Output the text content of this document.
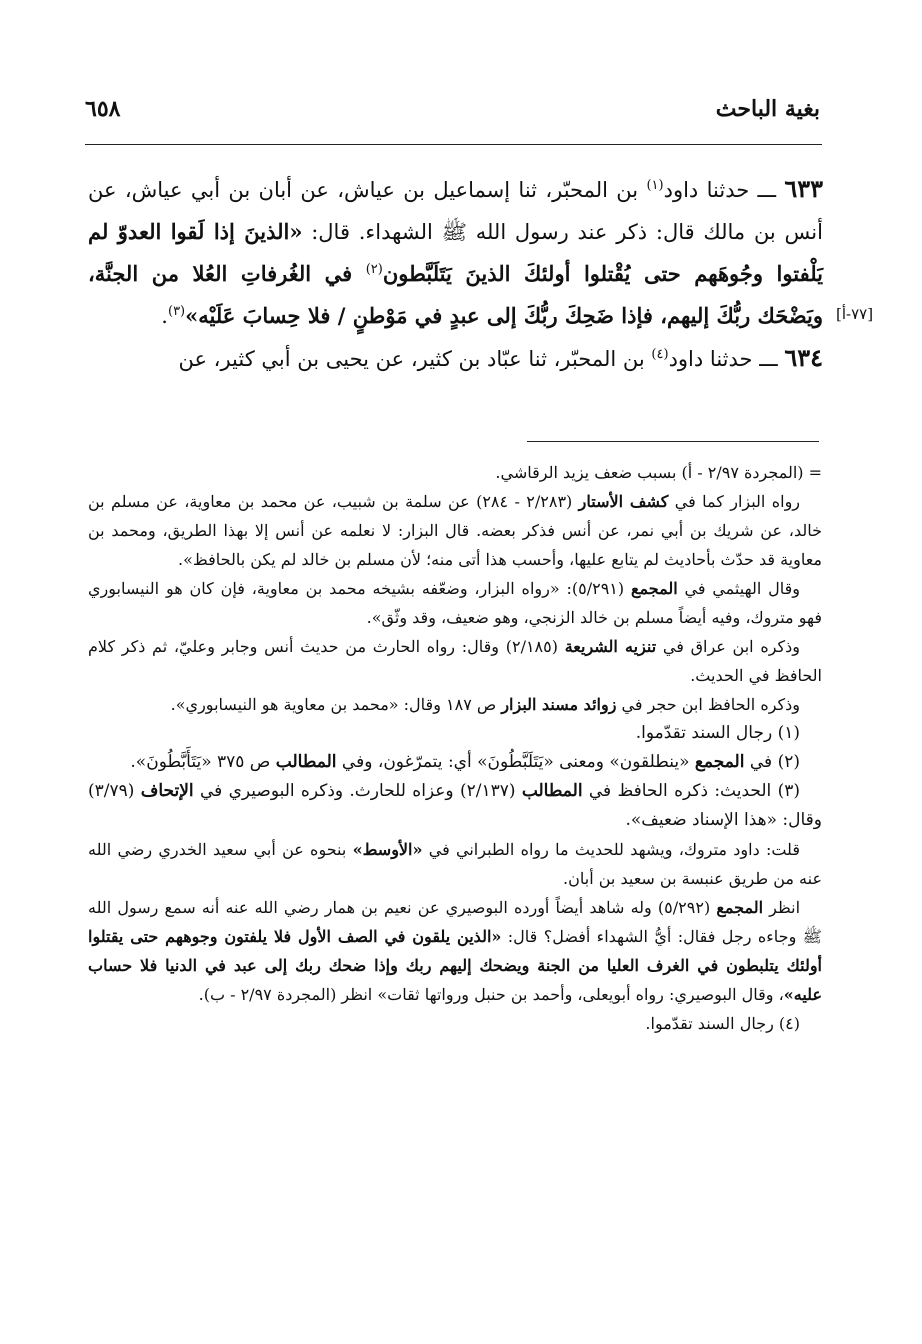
بغية الباحث
٦٥٨
[٧٧-أ]

٦٣٣ ـــ حدثنا داود$^{(١)}$ بن المحبّر، ثنا إسماعيل بن عياش، عن أبان بن أبي عياش، عن أنس بن مالك قال: ذكر عند رسول الله ﷺ الشهداء. قال: «الذينَ إذا لَقوا العدوّ لم يَلْفتوا وجُوهَهم حتى يُقْتلوا أولئكَ الذينَ يَتَلَبَّطون$^{(٢)}$ في الغُرفاتِ العُلا من الجنَّة، ويَضْحَك ربُّكَ إليهم، فإذا ضَحِكَ ربُّكَ إلى عبدٍ في مَوْطنٍ / فلا حِسابَ عَلَيْه»$^{(٣)}$.

٦٣٤ ـــ حدثنا داود$^{(٤)}$ بن المحبّر، ثنا عبّاد بن كثير، عن يحيى بن أبي كثير، عن

= (المجردة ٢/٩٧ - أ) بسبب ضعف يزيد الرقاشي.

رواه البزار كما في كشف الأستار (٢/٢٨٣ - ٢٨٤) عن سلمة بن شبيب، عن محمد بن معاوية، عن مسلم بن خالد، عن شريك بن أبي نمر، عن أنس فذكر بعضه. قال البزار: لا نعلمه عن أنس إلا بهذا الطريق، ومحمد بن معاوية قد حدّث بأحاديث لم يتابع عليها، وأحسب هذا أتى منه؛ لأن مسلم بن خالد لم يكن بالحافظ».

وقال الهيثمي في المجمع (٥/٢٩١): «رواه البزار، وضعّفه بشيخه محمد بن معاوية، فإن كان هو النيسابوري فهو متروك، وفيه أيضاً مسلم بن خالد الزنجي، وهو ضعيف، وقد وثّق».

وذكره ابن عراق في تنزيه الشريعة (٢/١٨٥) وقال: رواه الحارث من حديث أنس وجابر وعليّ، ثم ذكر كلام الحافظ في الحديث.

وذكره الحافظ ابن حجر في زوائد مسند البزار ص ١٨٧ وقال: «محمد بن معاوية هو النيسابوري».

(١) رجال السند تقدّموا.

(٢) في المجمع «ينطلقون» ومعنى «يَتَلَبَّطُونَ» أي: يتمرّغون، وفي المطالب ص ٣٧٥ «يَتَأَبَّطُونَ».

(٣) الحديث: ذكره الحافظ في المطالب (٢/١٣٧) وعزاه للحارث. وذكره البوصيري في الإتحاف (٣/٧٩) وقال: «هذا الإسناد ضعيف».

قلت: داود متروك، ويشهد للحديث ما رواه الطبراني في «الأوسط» بنحوه عن أبي سعيد الخدري رضي الله عنه من طريق عنبسة بن سعيد بن أبان.

انظر المجمع (٥/٢٩٢) وله شاهد أيضاً أورده البوصيري عن نعيم بن همار رضي الله عنه أنه سمع رسول الله ﷺ وجاءه رجل فقال: أيُّ الشهداء أفضل؟ قال: «الذين يلقون في الصف الأول فلا يلفتون وجوههم حتى يقتلوا أولئك يتلبطون في الغرف العليا من الجنة ويضحك إليهم ربك وإذا ضحك ربك إلى عبد في الدنيا فلا حساب عليه»، وقال البوصيري: رواه أبويعلى، وأحمد بن حنبل ورواتها ثقات» انظر (المجردة ٢/٩٧ - ب).

(٤) رجال السند تقدّموا.
